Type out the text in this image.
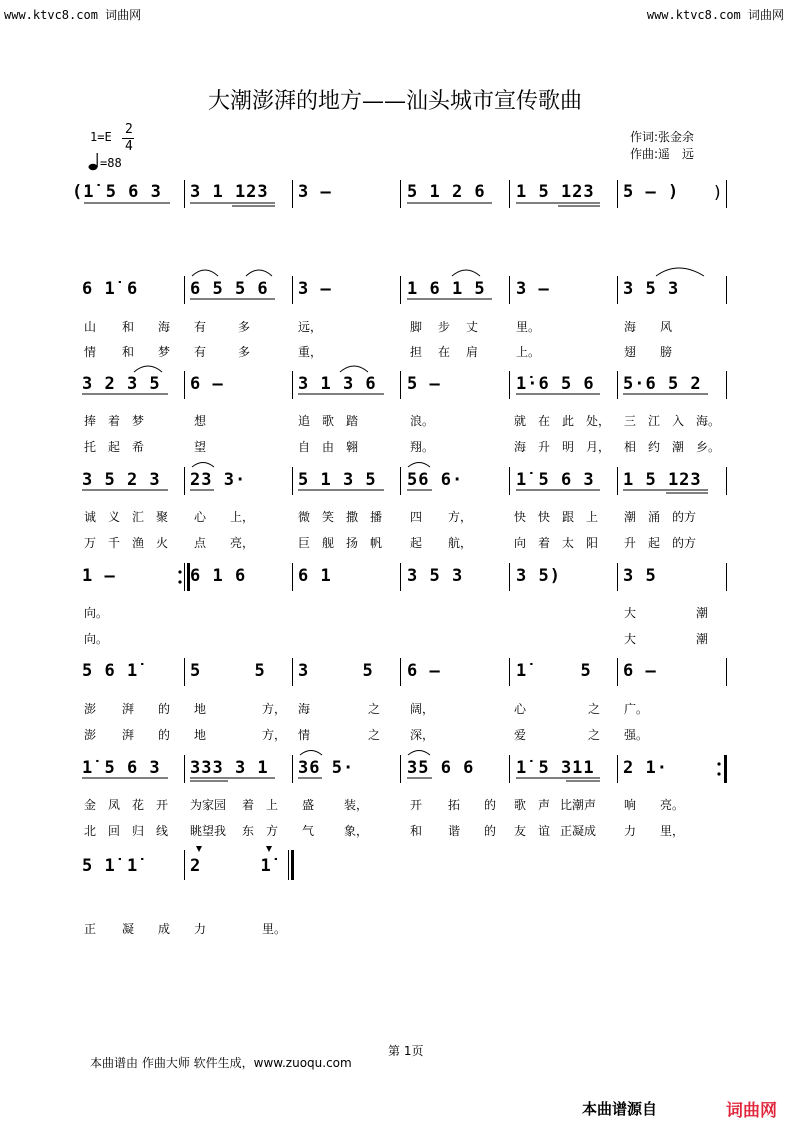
www.ktvc8.com 词曲网	www.ktvc8.com 词曲网
大潮澎湃的地方——汕头城市宣传歌曲
1=E 2
4
=88
作词:张金余
作曲:遥　远
(1̇ 5 6 3 3 1 123 3 —	5 1 2 6 1 5 123 5 — )
6 1̇ 6	6 5 5 6 3 —	1 6 1 5 3 —	3 5 3
山 和 海 有	多	远，	脚 步 丈	里。	海 风
情 和 梦 有	多	重，	担 在 肩	上。	翅 膀
3 2 3 5 6 —	3 1 3 6 5 —	1̇·6 5 6 5·6 5 2
捧 着 梦	想	追 歌 踏	浪。	就 在 此 处， 三 江 入 海。
托 起 希	望	自 由 翱	翔。	海 升 明 月， 相 约 潮 乡。
3 5 2 3 23 3·	5 1 3 5 56 6·	1̇ 5 6 3 1 5 123
诚 义 汇 聚 心 上，	微 笑 撒 播 四 方，	快 快 跟 上 潮 涌 的方
万 千 渔 火 点 亮，	巨 舰 扬 帆 起 航，	向 着 太 阳 升 起 的方
1 —	6 1 6	6 1	3 5 3	3 5)	3 5
向。	大	潮
向。	大	潮
5 6 1̇	5 5 3 5 6 —	1̇ 5 6 —
澎 湃 的 地	方， 海	之 阔，	心	之 广。
澎 湃 的 地	方， 情	之 深，	爱	之 强。
1̇ 5 6 3 333 3 1 36 5·	35 6 6 1̇ 5 311 2 1·
金 凤 花 开 为家园 着 上 盛 装，	开 拓 的 歌 声 比潮声 响 亮。
北 回 归 线 眺望我 东 方 气 象，	和 谐 的 友 谊 正凝成 力 里，
5 1̇ 1̇	2 1̇
正 凝 成 力	里。
)
第 1页
本曲谱由 作曲大师 软件生成，www.zuoqu.com
本曲谱源自	词曲网
